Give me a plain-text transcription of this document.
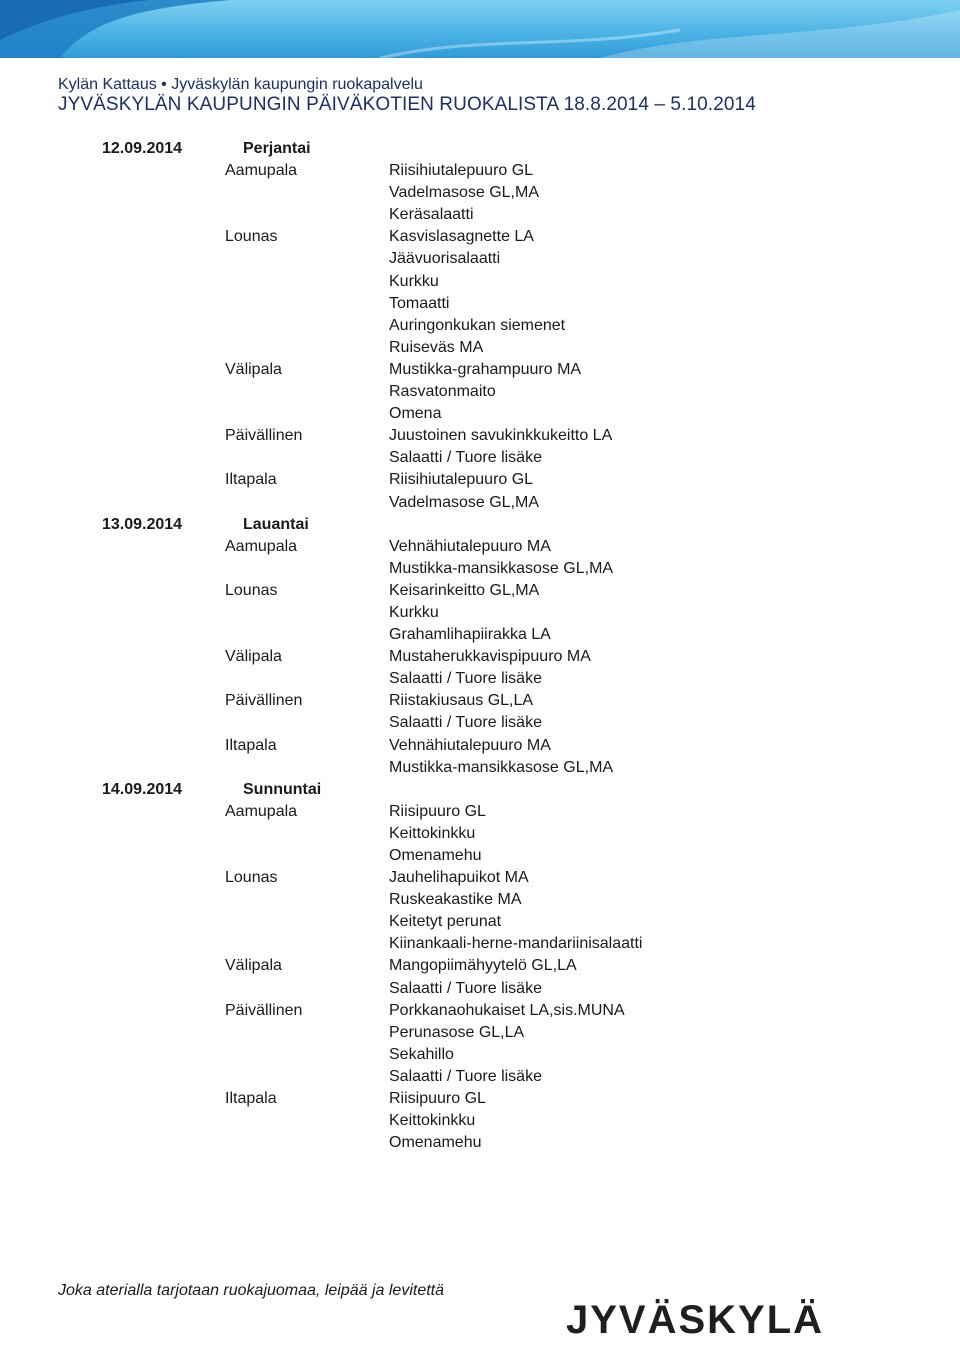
Kylän Kattaus • Jyväskylän kaupungin ruokapalvelu
JYVÄSKYLÄN KAUPUNGIN PÄIVÄKOTIEN RUOKALISTA 18.8.2014 – 5.10.2014
12.09.2014	Perjantai
Aamupala	Riisihiutalepuuro GL
Vadelmasose GL,MA
Keräsalaatti
Lounas	Kasvislasagnette LA
Jäävuorisalaatti
Kurkku
Tomaatti
Auringonkukan siemenet
Ruiseväs MA
Välipala	Mustikka-grahampuuro MA
Rasvatonmaito
Omena
Päivällinen	Juustoinen savukinkkukeitto LA
Salaatti / Tuore lisäke
Iltapala	Riisihiutalepuuro GL
Vadelmasose GL,MA
13.09.2014	Lauantai
Aamupala	Vehnähiutalepuuro MA
Mustikka-mansikkasose GL,MA
Lounas	Keisarinkeitto GL,MA
Kurkku
Grahamlihapiirakka LA
Välipala	Mustaherukkavispipuuro MA
Salaatti / Tuore lisäke
Päivällinen	Riistakiusaus GL,LA
Salaatti / Tuore lisäke
Iltapala	Vehnähiutalepuuro MA
Mustikka-mansikkasose GL,MA
14.09.2014	Sunnuntai
Aamupala	Riisipuuro GL
Keittokinkku
Omenamehu
Lounas	Jauhelihapuikot MA
Ruskeakastike MA
Keitetyt perunat
Kiinankaali-herne-mandariinisalaatti
Välipala	Mangopiimähyytelö GL,LA
Salaatti / Tuore lisäke
Päivällinen	Porkkanaohukaiset LA,sis.MUNA
Perunasose GL,LA
Sekahillo
Salaatti / Tuore lisäke
Iltapala	Riisipuuro GL
Keittokinkku
Omenamehu
Joka aterialla tarjotaan ruokajuomaa, leipää ja levitettä
JYVÄSKYLÄ
